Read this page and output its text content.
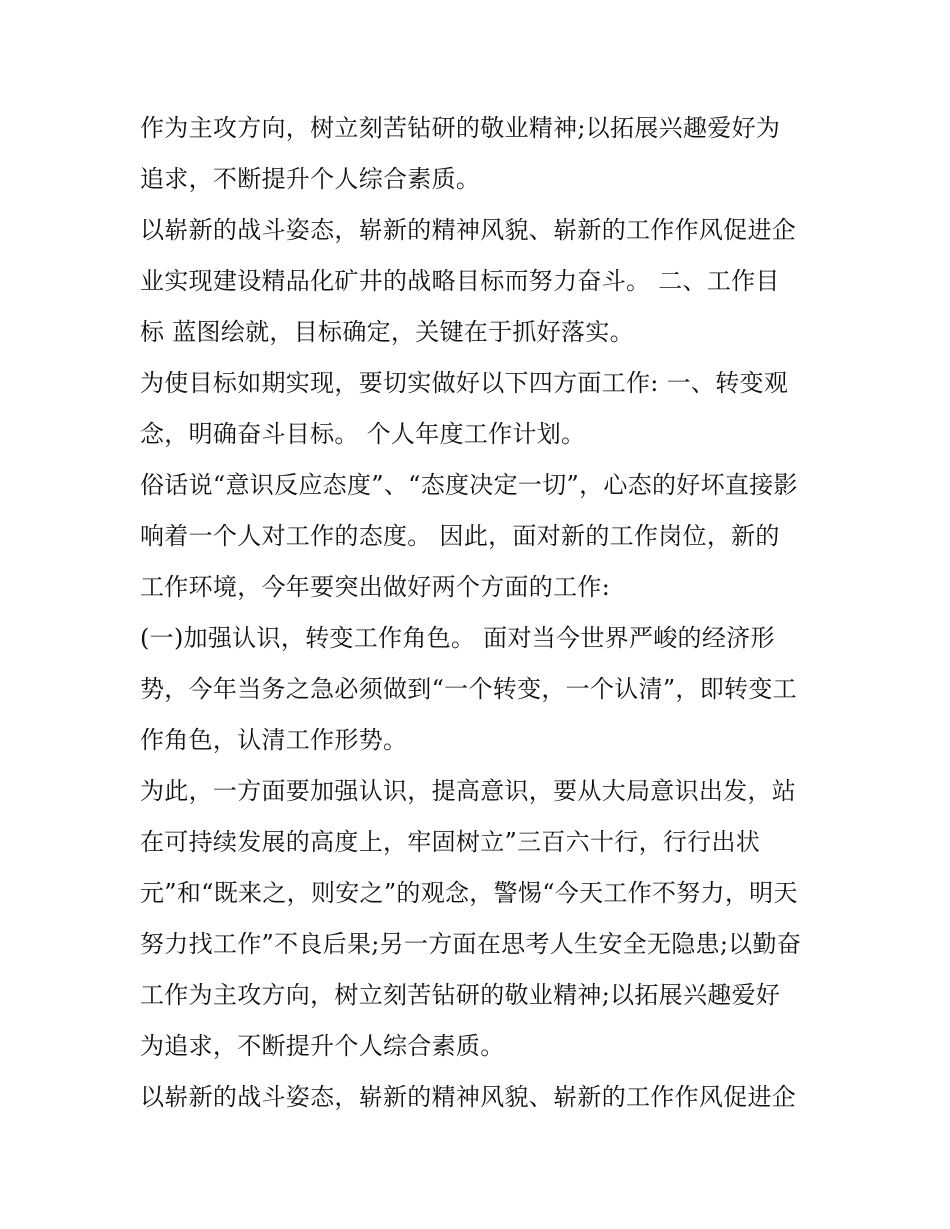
作为主攻方向，树立刻苦钻研的敬业精神;以拓展兴趣爱好为
追求，不断提升个人综合素质。
以崭新的战斗姿态，崭新的精神风貌、崭新的工作作风促进企
业实现建设精品化矿井的战略目标而努力奋斗。 二、工作目
标 蓝图绘就，目标确定，关键在于抓好落实。
为使目标如期实现，要切实做好以下四方面工作: 一、转变观
念，明确奋斗目标。 个人年度工作计划。
俗话说“意识反应态度”、“态度决定一切”，心态的好坏直接影
响着一个人对工作的态度。 因此，面对新的工作岗位，新的
工作环境，今年要突出做好两个方面的工作:
(一)加强认识，转变工作角色。 面对当今世界严峻的经济形
势，今年当务之急必须做到“一个转变，一个认清”，即转变工
作角色，认清工作形势。
为此，一方面要加强认识，提高意识，要从大局意识出发，站
在可持续发展的高度上，牢固树立”三百六十行，行行出状
元”和“既来之，则安之”的观念，警惕“今天工作不努力，明天
努力找工作”不良后果;另一方面在思考人生安全无隐患;以勤奋
工作为主攻方向，树立刻苦钻研的敬业精神;以拓展兴趣爱好
为追求，不断提升个人综合素质。
以崭新的战斗姿态，崭新的精神风貌、崭新的工作作风促进企
